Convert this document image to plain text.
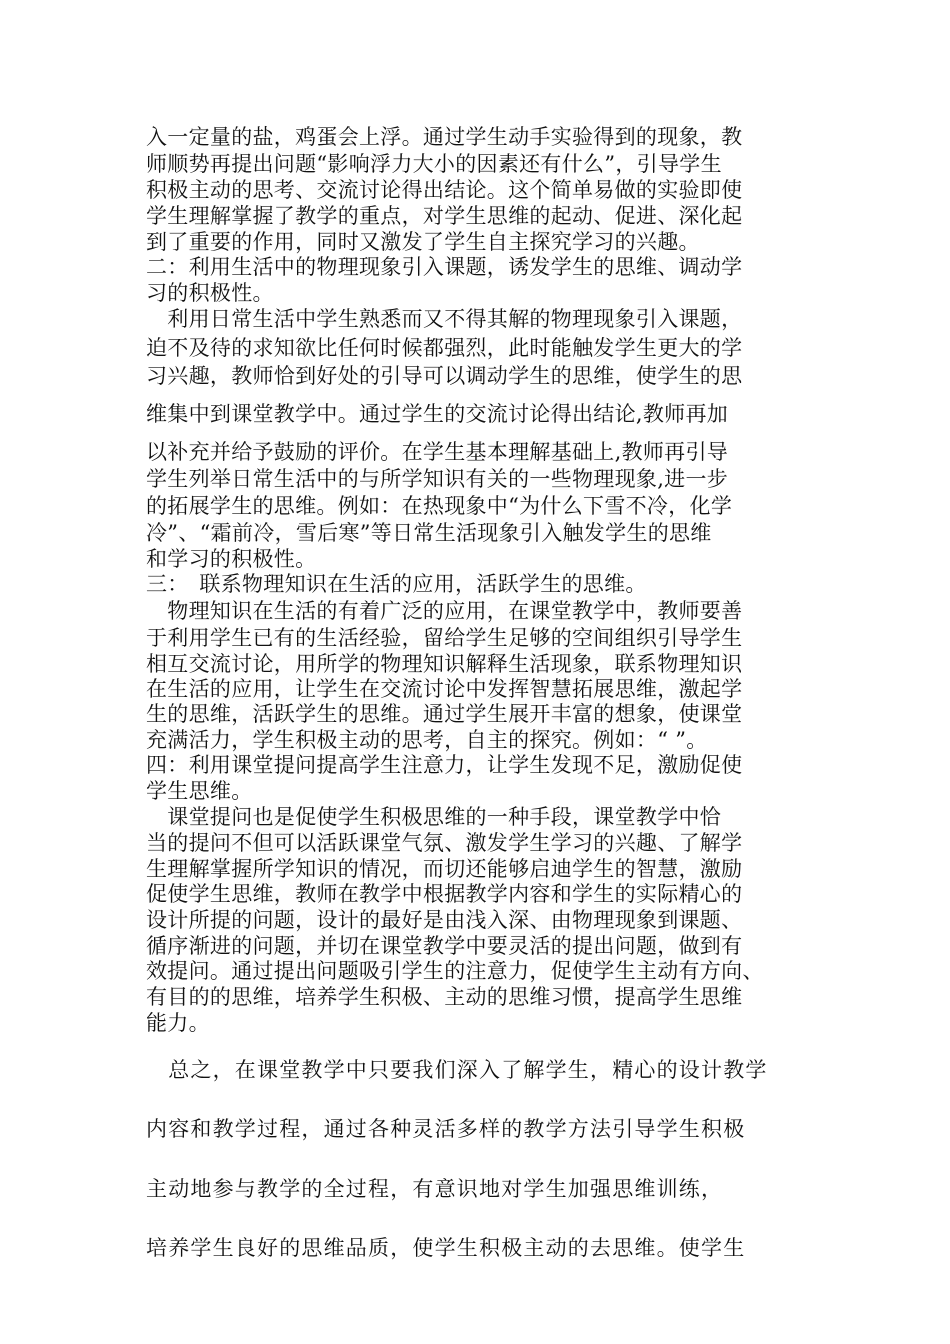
入一定量的盐，鸡蛋会上浮。通过学生动手实验得到的现象，教
师顺势再提出问题“影响浮力大小的因素还有什么”，引导学生
积极主动的思考、交流讨论得出结论。这个简单易做的实验即使
学生理解掌握了教学的重点，对学生思维的起动、促进、深化起
到了重要的作用，同时又激发了学生自主探究学习的兴趣。
二：利用生活中的物理现象引入课题，诱发学生的思维、调动学
习的积极性。
　利用日常生活中学生熟悉而又不得其解的物理现象引入课题，
迫不及待的求知欲比任何时候都强烈，此时能触发学生更大的学
习兴趣，教师恰到好处的引导可以调动学生的思维，使学生的思
维集中到课堂教学中。通过学生的交流讨论得出结论,教师再加
以补充并给予鼓励的评价。在学生基本理解基础上,教师再引导
学生列举日常生活中的与所学知识有关的一些物理现象,进一步
的拓展学生的思维。例如：在热现象中“为什么下雪不冷，化学
冷”、“霜前冷，雪后寒”等日常生活现象引入触发学生的思维
和学习的积极性。
三：　联系物理知识在生活的应用，活跃学生的思维。
　物理知识在生活的有着广泛的应用，在课堂教学中，教师要善
于利用学生已有的生活经验，留给学生足够的空间组织引导学生
相互交流讨论，用所学的物理知识解释生活现象，联系物理知识
在生活的应用，让学生在交流讨论中发挥智慧拓展思维，激起学
生的思维，活跃学生的思维。通过学生展开丰富的想象，使课堂
充满活力，学生积极主动的思考，自主的探究。例如：“ ”。
四：利用课堂提问提高学生注意力，让学生发现不足，激励促使
学生思维。
　课堂提问也是促使学生积极思维的一种手段，课堂教学中恰
当的提问不但可以活跃课堂气氛、激发学生学习的兴趣、了解学
生理解掌握所学知识的情况，而切还能够启迪学生的智慧，激励
促使学生思维，教师在教学中根据教学内容和学生的实际精心的
设计所提的问题，设计的最好是由浅入深、由物理现象到课题、
循序渐进的问题，并切在课堂教学中要灵活的提出问题，做到有
效提问。通过提出问题吸引学生的注意力，促使学生主动有方向、
有目的的思维，培养学生积极、主动的思维习惯，提高学生思维
能力。
　总之，在课堂教学中只要我们深入了解学生，精心的设计教学
内容和教学过程，通过各种灵活多样的教学方法引导学生积极
主动地参与教学的全过程，有意识地对学生加强思维训练，
培养学生良好的思维品质，使学生积极主动的去思维。使学生
